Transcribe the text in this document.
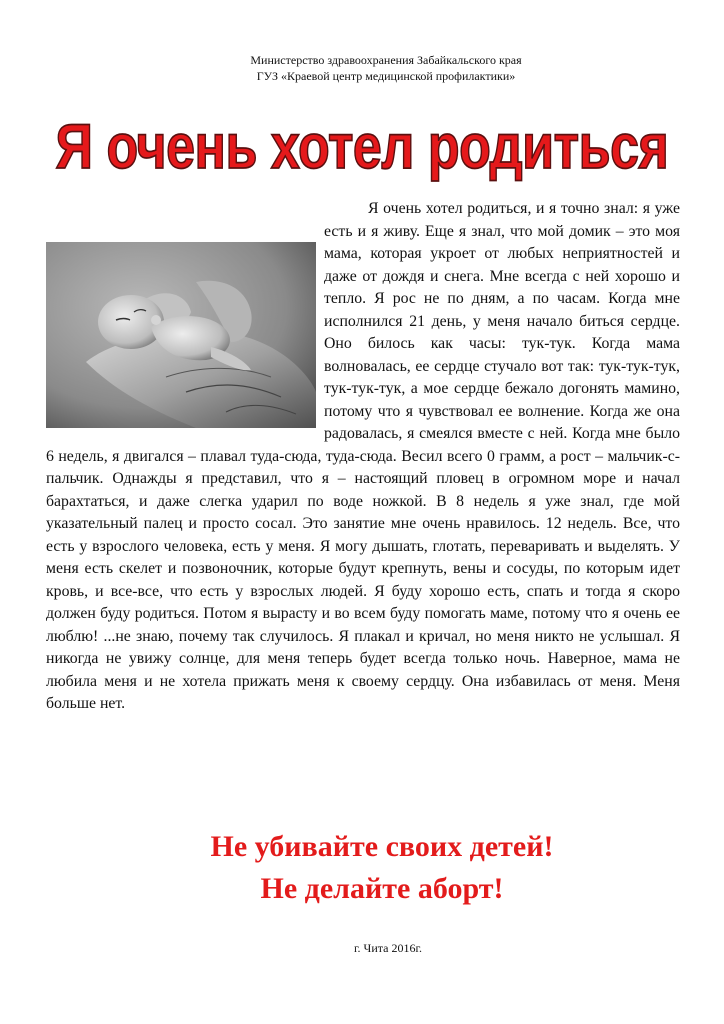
Министерство здравоохранения Забайкальского края
ГУЗ «Краевой центр медицинской профилактики»
Я очень хотел родиться

Я очень хотел родиться, и я точно знал: я уже есть и я живу. Еще я знал, что мой домик – это моя мама, которая укроет от любых неприятностей и даже от дождя и снега. Мне всегда с ней хорошо и тепло. Я рос не по дням, а по часам. Когда мне исполнился 21 день, у меня начало биться сердце. Оно билось как часы: тук-тук. Когда мама волновалась, ее сердце стучало вот так: тук-тук-тук, тук-тук-тук, а мое сердце бежало догонять мамино, потому что я чувствовал ее волнение. Когда же она радовалась, я смеялся вместе с ней. Когда мне было 6 недель, я двигался – плавал туда-сюда, туда-сюда. Весил всего 0 грамм, а рост – мальчик-с-пальчик. Однажды я представил, что я – настоящий пловец в огромном море и начал барахтаться, и даже слегка ударил по воде ножкой. В 8 недель я уже знал, где мой указательный палец и просто сосал. Это занятие мне очень нравилось. 12 недель. Все, что есть у взрослого человека, есть у меня. Я могу дышать, глотать, переваривать и выделять. У меня есть скелет и позвоночник, которые будут крепнуть, вены и сосуды, по которым идет кровь, и все-все, что есть у взрослых людей. Я буду хорошо есть, спать и тогда я скоро должен буду родиться. Потом я вырасту и во всем буду помогать маме, потому что я очень ее люблю! ...не знаю, почему так случилось. Я плакал и кричал, но меня никто не услышал. Я никогда не увижу солнце, для меня теперь будет всегда только ночь. Наверное, мама не любила меня и не хотела прижать меня к своему сердцу. Она избавилась от меня. Меня больше нет.

Не убивайте своих детей!
Не делайте аборт!
г. Чита 2016г.
